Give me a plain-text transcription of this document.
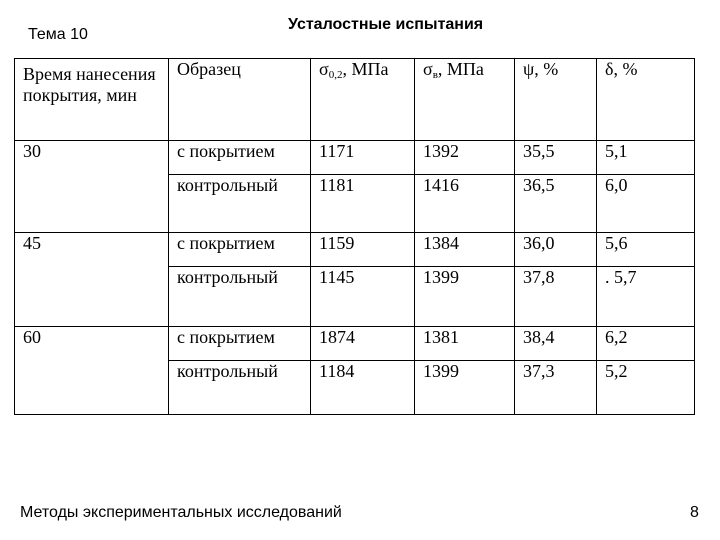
Тема 10
Усталостные испытания
Время нанесения покрытия, мин	Образец	σ0,2, МПа	σв, МПа	ψ, %	δ, %
30	с покрытием	1171	1392	35,5	5,1
	контрольный	1181	1416	36,5	6,0
45	с покрытием	1159	1384	36,0	5,6
	контрольный	1145	1399	37,8	. 5,7
60	с покрытием	1874	1381	38,4	6,2
	контрольный	1184	1399	37,3	5,2
Методы экспериментальных исследований	8
